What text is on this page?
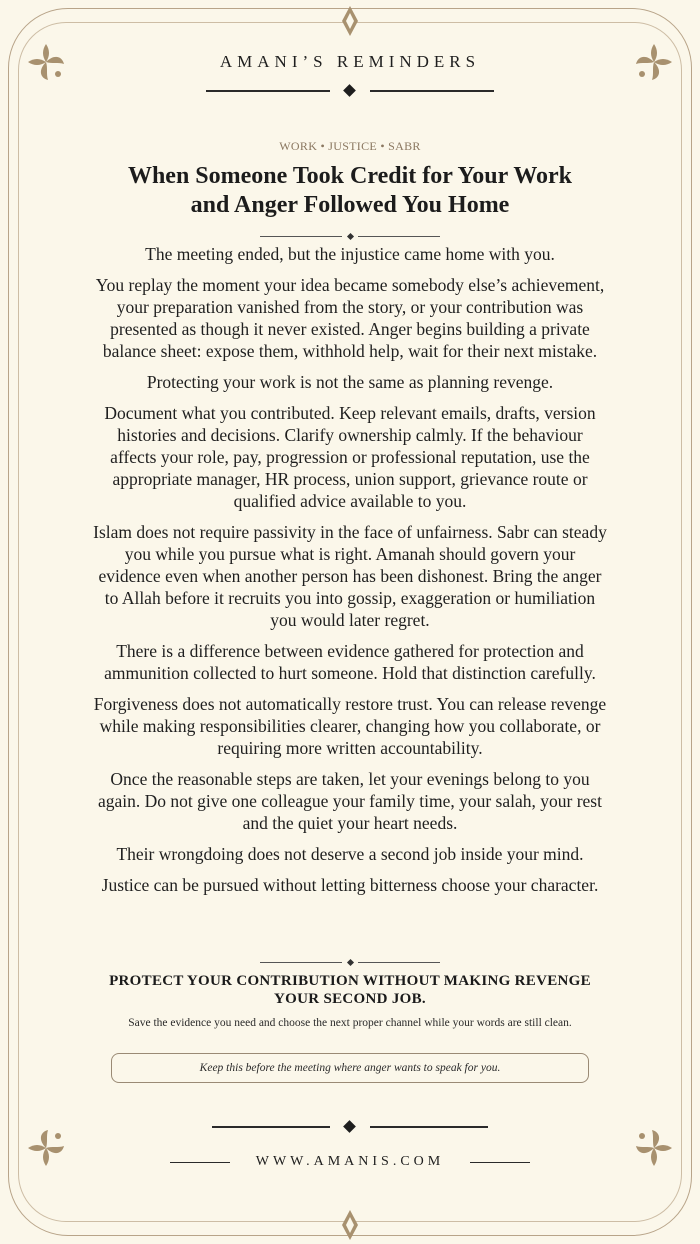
AMANI’S REMINDERS
WORK • JUSTICE • SABR
When Someone Took Credit for Your Work and Anger Followed You Home

The meeting ended, but the injustice came home with you.

You replay the moment your idea became somebody else’s achievement, your preparation vanished from the story, or your contribution was presented as though it never existed. Anger begins building a private balance sheet: expose them, withhold help, wait for their next mistake.

Protecting your work is not the same as planning revenge.

Document what you contributed. Keep relevant emails, drafts, version histories and decisions. Clarify ownership calmly. If the behaviour affects your role, pay, progression or professional reputation, use the appropriate manager, HR process, union support, grievance route or qualified advice available to you.

Islam does not require passivity in the face of unfairness. Sabr can steady you while you pursue what is right. Amanah should govern your evidence even when another person has been dishonest. Bring the anger to Allah before it recruits you into gossip, exaggeration or humiliation you would later regret.

There is a difference between evidence gathered for protection and ammunition collected to hurt someone. Hold that distinction carefully.

Forgiveness does not automatically restore trust. You can release revenge while making responsibilities clearer, changing how you collaborate, or requiring more written accountability.

Once the reasonable steps are taken, let your evenings belong to you again. Do not give one colleague your family time, your salah, your rest and the quiet your heart needs.

Their wrongdoing does not deserve a second job inside your mind.

Justice can be pursued without letting bitterness choose your character.

PROTECT YOUR CONTRIBUTION WITHOUT MAKING REVENGE YOUR SECOND JOB.
Save the evidence you need and choose the next proper channel while your words are still clean.
Keep this before the meeting where anger wants to speak for you.
WWW.AMANIS.COM
